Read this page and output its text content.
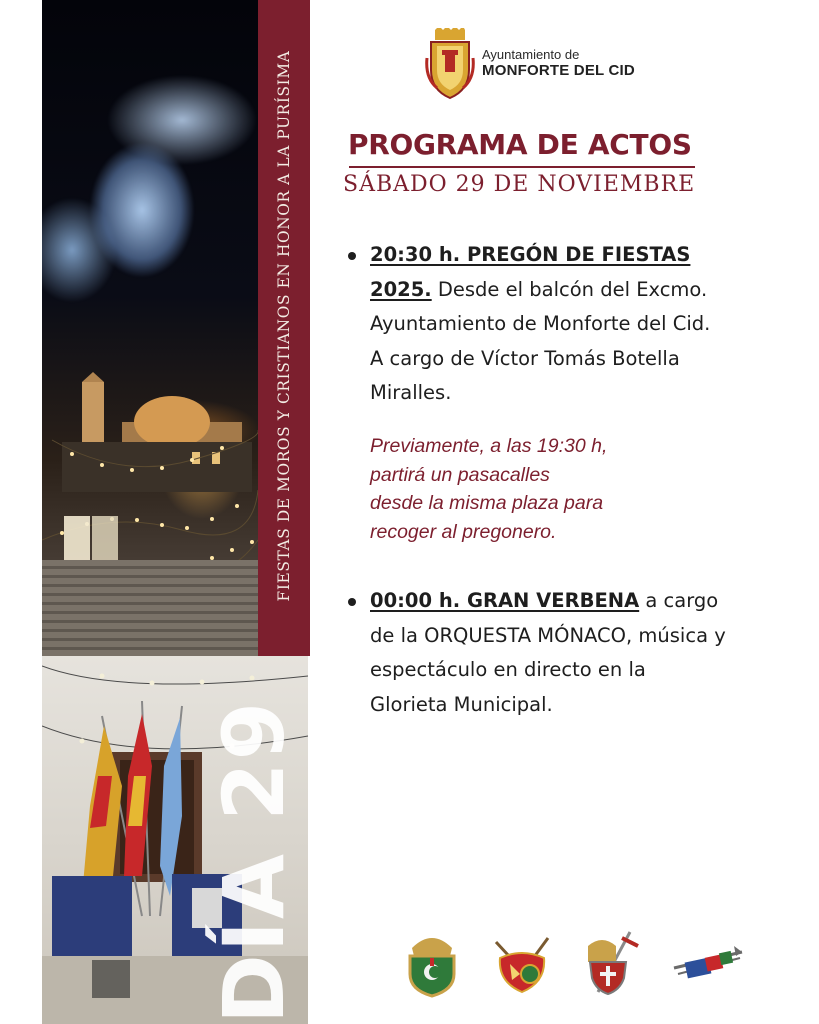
DÍA 29
FIESTAS DE MOROS Y CRISTIANOS EN HONOR A LA PURÍSIMA	Ayuntamiento de
MONFORTE DEL CID
PROGRAMA DE ACTOS
SÁBADO 29 DE NOVIEMBRE
20:30 h. PREGÓN DE FIESTAS 2025. Desde el balcón del Excmo. Ayuntamiento de Monforte del Cid. A cargo de Víctor Tomás Botella Miralles.
Previamente, a las 19:30 h,
partirá un pasacalles
desde la misma plaza para
recoger al pregonero.
00:00 h. GRAN VERBENA a cargo de la ORQUESTA MÓNACO, música y espectáculo en directo en la Glorieta Municipal.
